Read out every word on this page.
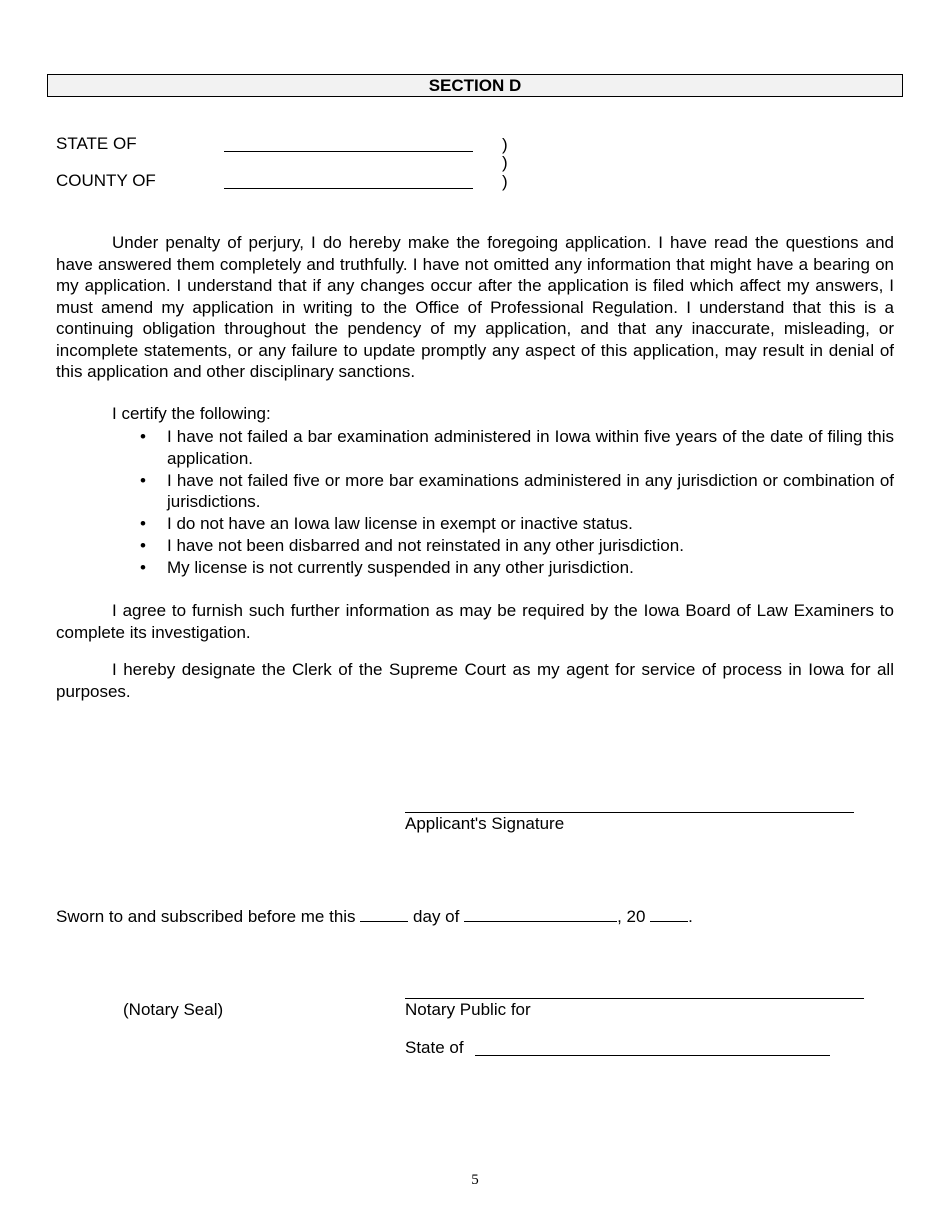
SECTION D
STATE OF
COUNTY OF
)
)
)
Under penalty of perjury, I do hereby make the foregoing application. I have read the questions and have answered them completely and truthfully. I have not omitted any information that might have a bearing on my application. I understand that if any changes occur after the application is filed which affect my answers, I must amend my application in writing to the Office of Professional Regulation. I understand that this is a continuing obligation throughout the pendency of my application, and that any inaccurate, misleading, or incomplete statements, or any failure to update promptly any aspect of this application, may result in denial of this application and other disciplinary sanctions.
I certify the following:
• I have not failed a bar examination administered in Iowa within five years of the date of filing this application.
• I have not failed five or more bar examinations administered in any jurisdiction or combination of jurisdictions.
• I do not have an Iowa law license in exempt or inactive status.
• I have not been disbarred and not reinstated in any other jurisdiction.
• My license is not currently suspended in any other jurisdiction.
I agree to furnish such further information as may be required by the Iowa Board of Law Examiners to complete its investigation.
I hereby designate the Clerk of the Supreme Court as my agent for service of process in Iowa for all purposes.
Applicant's Signature
Sworn to and subscribed before me this	day of	, 20	.
(Notary Seal)	Notary Public for
State of
5
